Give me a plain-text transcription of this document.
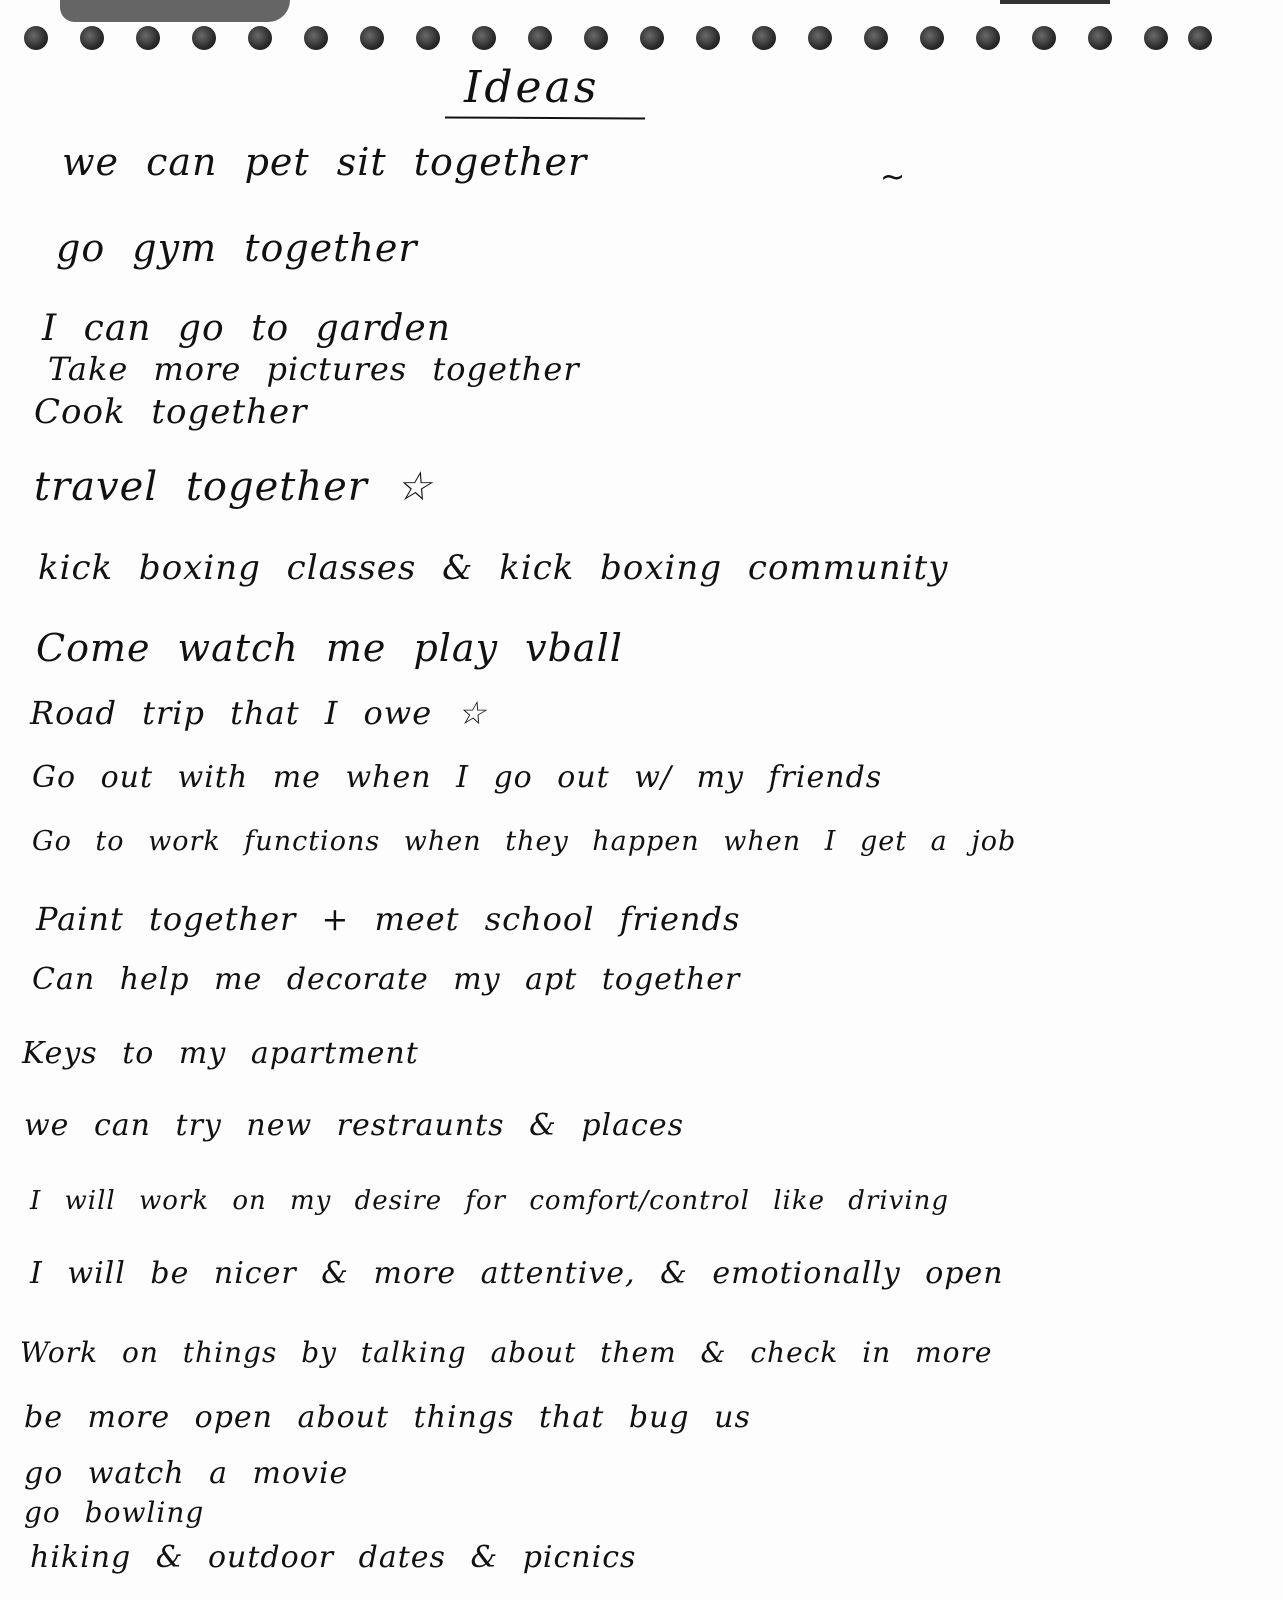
Ideas
~
we can pet sit together
go gym together
I can go to garden
Take more pictures together
Cook together
travel together ☆
kick boxing classes & kick boxing community
Come watch me play vball
Road trip that I owe ☆
Go out with me when I go out w/ my friends
Go to work functions when they happen when I get a job
Paint together + meet school friends
Can help me decorate my apt together
Keys to my apartment
we can try new restraunts & places
I will work on my desire for comfort/control like driving
I will be nicer & more attentive, & emotionally open
Work on things by talking about them & check in more
be more open about things that bug us
go watch a movie
go bowling
hiking & outdoor dates & picnics
